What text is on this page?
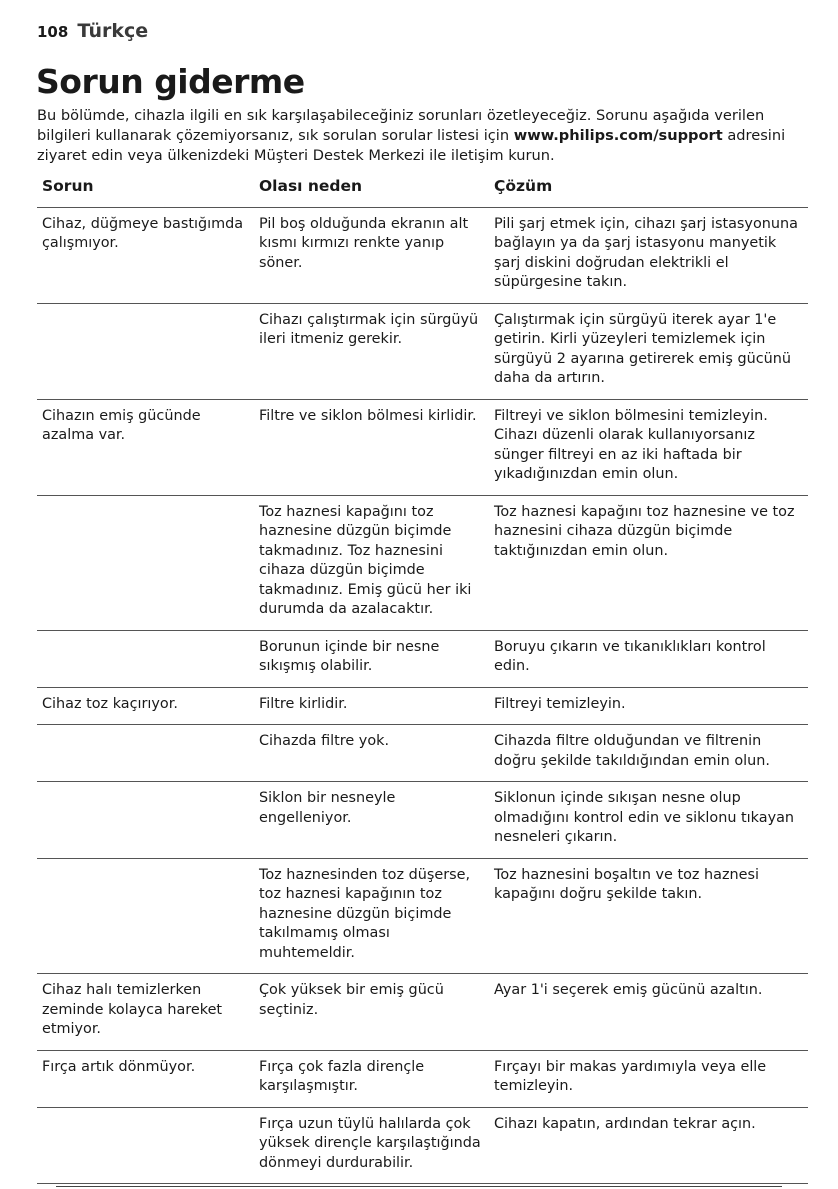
108 Türkçe
Sorun giderme

Bu bölümde, cihazla ilgili en sık karşılaşabileceğiniz sorunları özetleyeceğiz. Sorunu aşağıda verilen bilgileri kullanarak çözemiyorsanız, sık sorulan sorular listesi için www.philips.com/support adresini ziyaret edin veya ülkenizdeki Müşteri Destek Merkezi ile iletişim kurun.

Sorun	Olası neden	Çözüm
Cihaz, düğmeye bastığımda çalışmıyor.	Pil boş olduğunda ekranın alt kısmı kırmızı renkte yanıp söner.	Pili şarj etmek için, cihazı şarj istasyonuna bağlayın ya da şarj istasyonu manyetik şarj diskini doğrudan elektrikli el süpürgesine takın.
	Cihazı çalıştırmak için sürgüyü ileri itmeniz gerekir.	Çalıştırmak için sürgüyü iterek ayar 1'e getirin. Kirli yüzeyleri temizlemek için sürgüyü 2 ayarına getirerek emiş gücünü daha da artırın.
Cihazın emiş gücünde azalma var.	Filtre ve siklon bölmesi kirlidir.	Filtreyi ve siklon bölmesini temizleyin. Cihazı düzenli olarak kullanıyorsanız sünger filtreyi en az iki haftada bir yıkadığınızdan emin olun.
	Toz haznesi kapağını toz haznesine düzgün biçimde takmadınız. Toz haznesini cihaza düzgün biçimde takmadınız. Emiş gücü her iki durumda da azalacaktır.	Toz haznesi kapağını toz haznesine ve toz haznesini cihaza düzgün biçimde taktığınızdan emin olun.
	Borunun içinde bir nesne sıkışmış olabilir.	Boruyu çıkarın ve tıkanıklıkları kontrol edin.
Cihaz toz kaçırıyor.	Filtre kirlidir.	Filtreyi temizleyin.
	Cihazda filtre yok.	Cihazda filtre olduğundan ve filtrenin doğru şekilde takıldığından emin olun.
	Siklon bir nesneyle engelleniyor.	Siklonun içinde sıkışan nesne olup olmadığını kontrol edin ve siklonu tıkayan nesneleri çıkarın.
	Toz haznesinden toz düşerse, toz haznesi kapağının toz haznesine düzgün biçimde takılmamış olması muhtemeldir.	Toz haznesini boşaltın ve toz haznesi kapağını doğru şekilde takın.
Cihaz halı temizlerken zeminde kolayca hareket etmiyor.	Çok yüksek bir emiş gücü seçtiniz.	Ayar 1'i seçerek emiş gücünü azaltın.
Fırça artık dönmüyor.	Fırça çok fazla dirençle karşılaşmıştır.	Fırçayı bir makas yardımıyla veya elle temizleyin.
	Fırça uzun tüylü halılarda çok yüksek dirençle karşılaştığında dönmeyi durdurabilir.	Cihazı kapatın, ardından tekrar açın.
